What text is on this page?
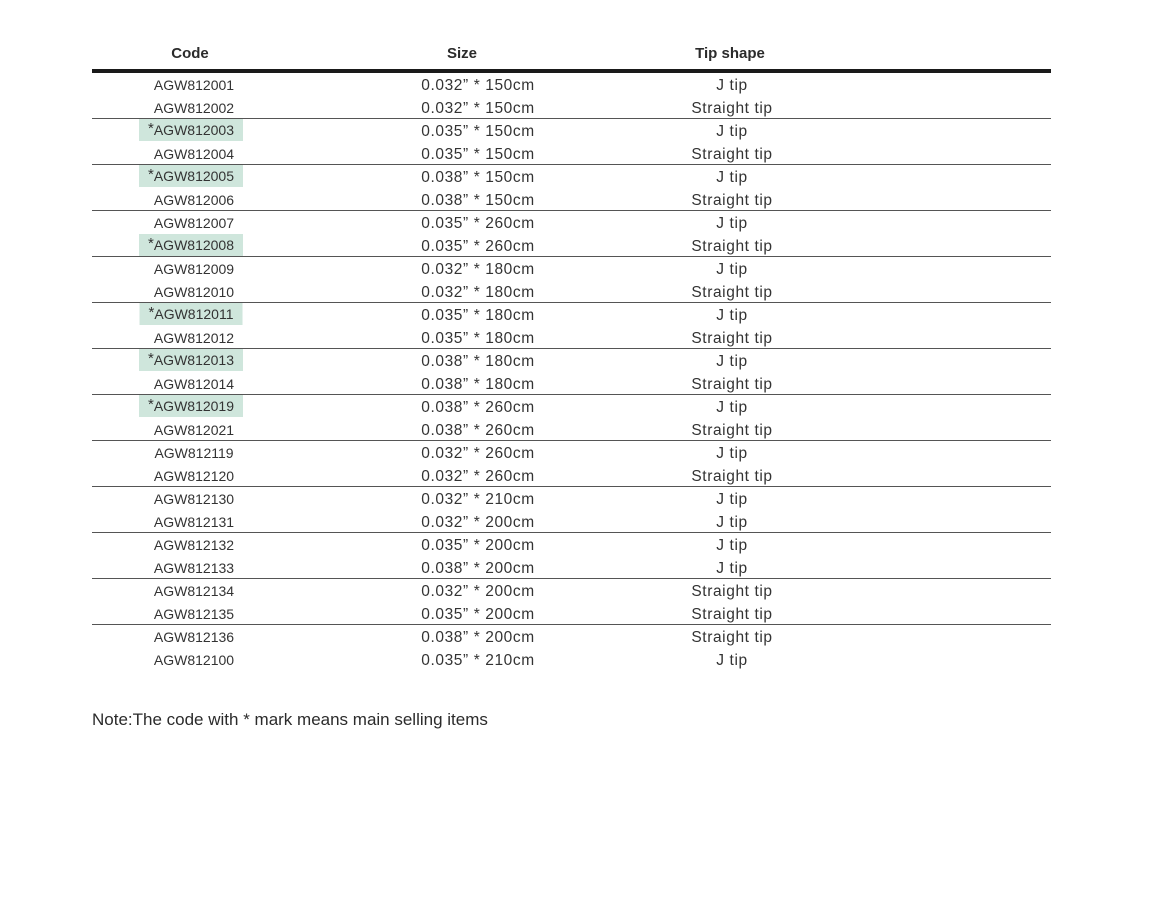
Code	Size	Tip shape
AGW812001	0.032” * 150cm	J tip
AGW812002	0.032” * 150cm	Straight tip
*AGW812003	0.035” * 150cm	J tip
AGW812004	0.035” * 150cm	Straight tip
*AGW812005	0.038” * 150cm	J tip
AGW812006	0.038” * 150cm	Straight tip
AGW812007	0.035” * 260cm	J tip
*AGW812008	0.035” * 260cm	Straight tip
AGW812009	0.032” * 180cm	J tip
AGW812010	0.032” * 180cm	Straight tip
*AGW812011	0.035” * 180cm	J tip
AGW812012	0.035” * 180cm	Straight tip
*AGW812013	0.038” * 180cm	J tip
AGW812014	0.038” * 180cm	Straight tip
*AGW812019	0.038” * 260cm	J tip
AGW812021	0.038” * 260cm	Straight tip
AGW812119	0.032” * 260cm	J tip
AGW812120	0.032” * 260cm	Straight tip
AGW812130	0.032” * 210cm	J tip
AGW812131	0.032” * 200cm	J tip
AGW812132	0.035” * 200cm	J tip
AGW812133	0.038” * 200cm	J tip
AGW812134	0.032” * 200cm	Straight tip
AGW812135	0.035” * 200cm	Straight tip
AGW812136	0.038” * 200cm	Straight tip
AGW812100	0.035” * 210cm	J tip
Note:The code with * mark means main selling items
